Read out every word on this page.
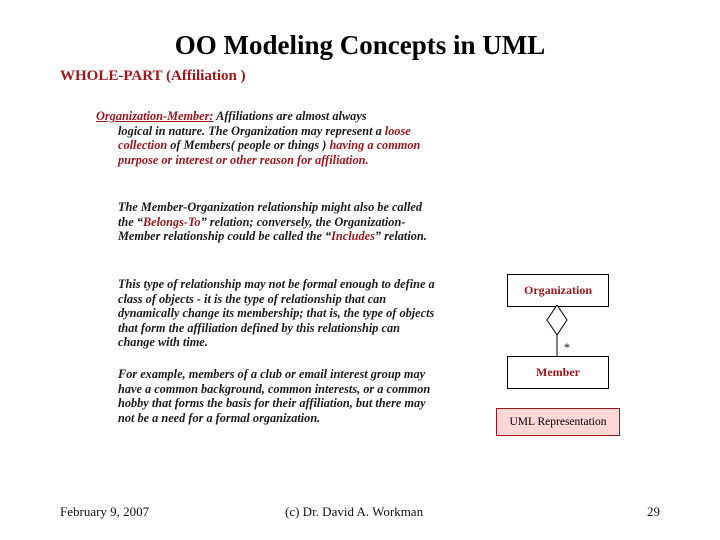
OO Modeling Concepts in UML
WHOLE-PART (Affiliation )
Organization-Member: Affiliations are almost always
logical in nature. The Organization may represent a loose collection of Members( people or things ) having a common purpose or interest or other reason for affiliation.
The Member-Organization relationship might also be called the “Belongs-To” relation; conversely, the Organization-Member relationship could be called the “Includes” relation.
This type of relationship may not be formal enough to define a class of objects - it is the type of relationship that can dynamically change its membership; that is, the type of objects that form the affiliation defined by this relationship can change with time.
For example, members of a club or email interest group may have a common background, common interests, or a common hobby that forms the basis for their affiliation, but there may not be a need for a formal organization.
Organization
*
Member
UML Representation
February 9, 2007	(c) Dr. David A. Workman	29
